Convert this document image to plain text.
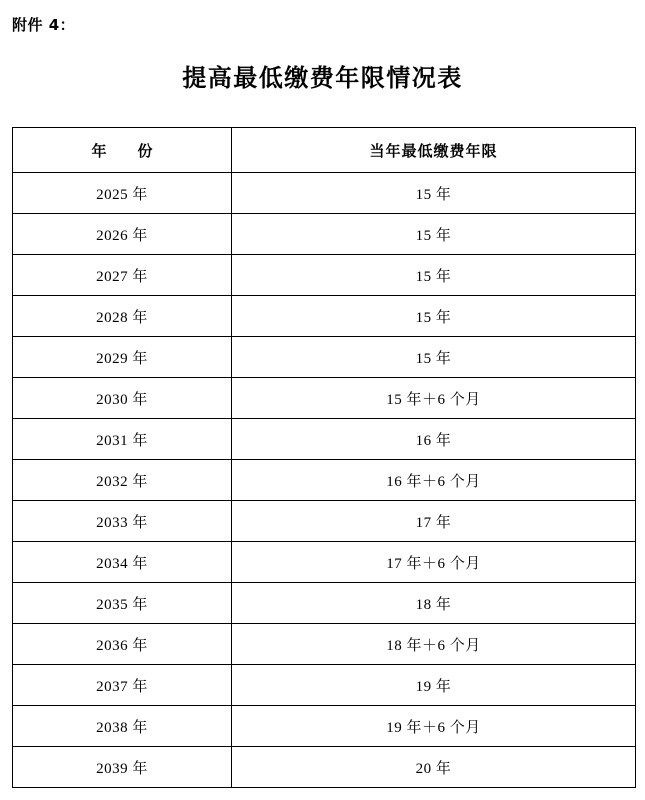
附件 4：
提高最低缴费年限情况表
年　份	当年最低缴费年限
2025 年	15 年
2026 年	15 年
2027 年	15 年
2028 年	15 年
2029 年	15 年
2030 年	15 年＋6 个月
2031 年	16 年
2032 年	16 年＋6 个月
2033 年	17 年
2034 年	17 年＋6 个月
2035 年	18 年
2036 年	18 年＋6 个月
2037 年	19 年
2038 年	19 年＋6 个月
2039 年	20 年
